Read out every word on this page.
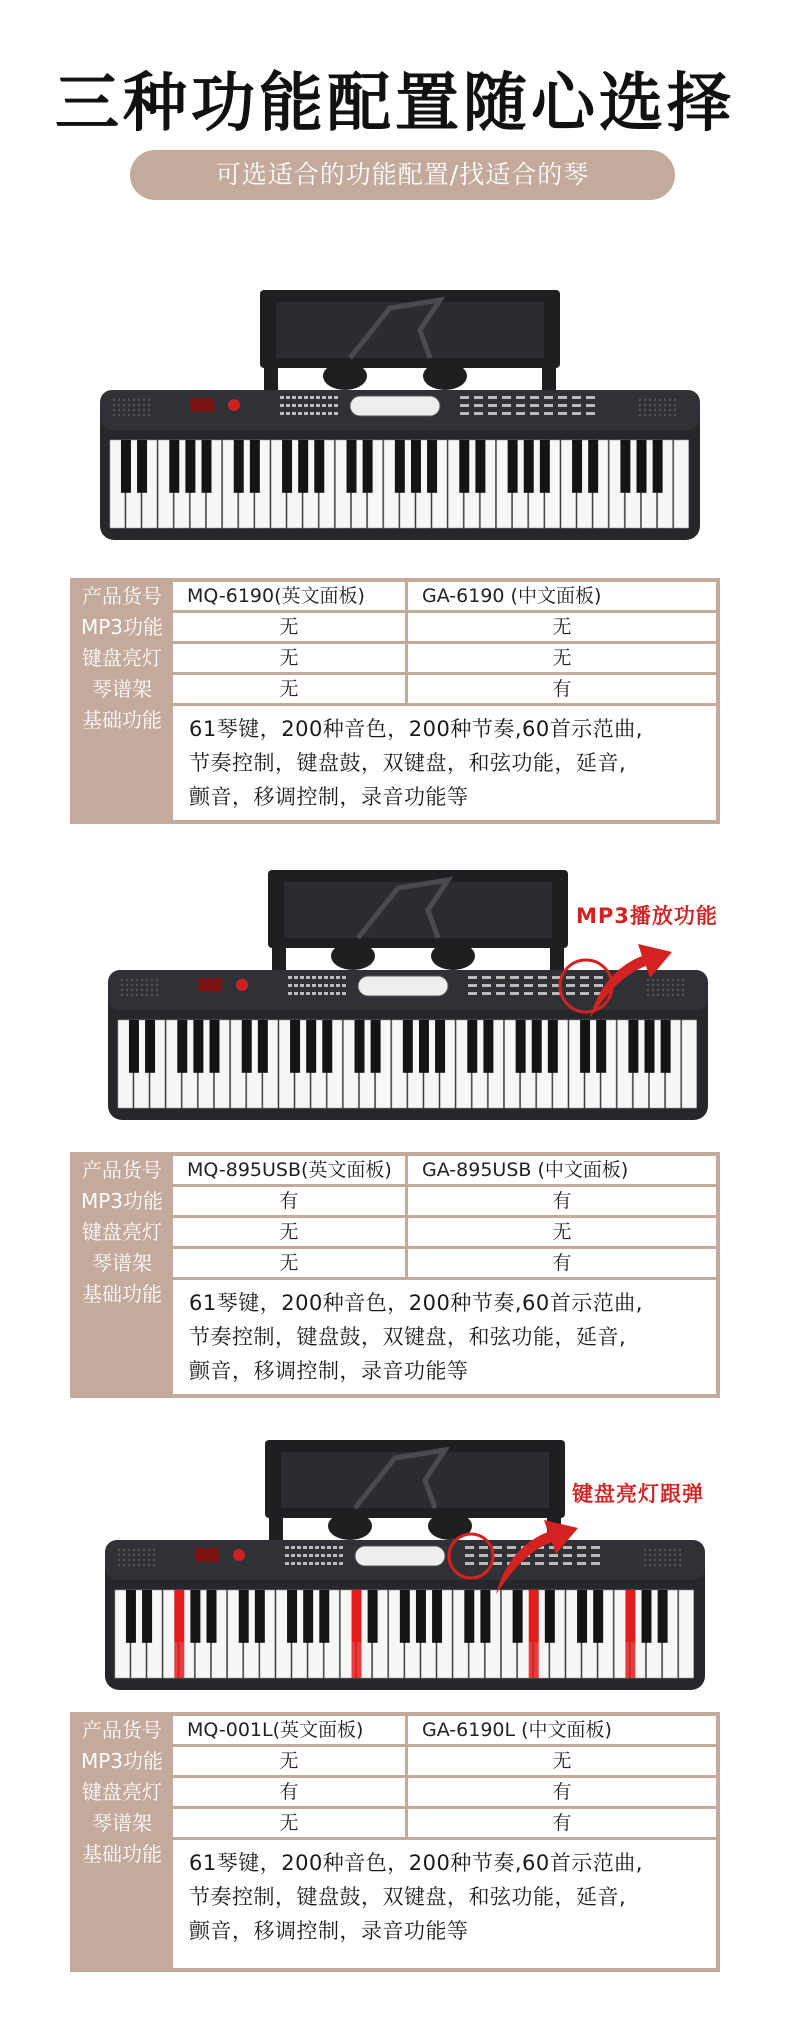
三种功能配置随心选择
可选适合的功能配置/找适合的琴
产品货号	MQ-6190(英文面板)	GA-6190 (中文面板)
MP3功能	无	无
键盘亮灯	无	无
琴谱架	无	有
基础功能	61琴键，200种音色，200种节奏,60首示范曲,
节奏控制，键盘鼓，双键盘，和弦功能，延音,
颤音，移调控制，录音功能等
MP3播放功能
产品货号	MQ-895USB(英文面板)	GA-895USB (中文面板)
MP3功能	有	有
键盘亮灯	无	无
琴谱架	无	有
基础功能	61琴键，200种音色，200种节奏,60首示范曲,
节奏控制，键盘鼓，双键盘，和弦功能，延音,
颤音，移调控制，录音功能等
键盘亮灯跟弹
产品货号	MQ-001L(英文面板)	GA-6190L (中文面板)
MP3功能	无	无
键盘亮灯	有	有
琴谱架	无	有
基础功能	61琴键，200种音色，200种节奏,60首示范曲,
节奏控制，键盘鼓，双键盘，和弦功能，延音,
颤音，移调控制，录音功能等
